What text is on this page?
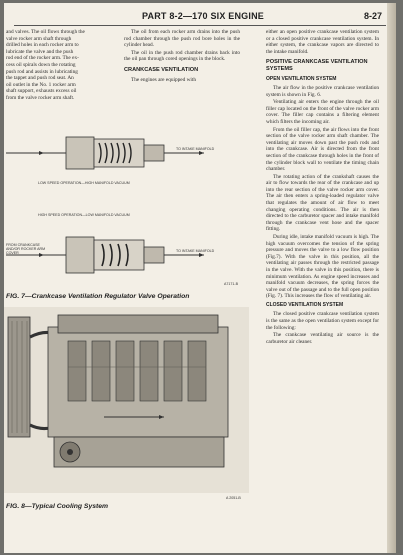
PART 8-2—170 SIX ENGINE	8-27
and valves. The oil flows through the
valve rocker arm shaft through
drilled holes in each rocker arm to
lubricate the valve and the push
rod end of the rocker arm. The ex-
cess oil spirals down the rotating
push rod and assists in lubricating
the tappet and push rod seat. An
oil outlet in the No. 1 rocker arm
shaft support, exhausts excess oil
from the valve rocker arm shaft.

The oil from each rocker arm drains into the push rod chamber through the push rod bore holes in the cylinder head.

The oil in the push rod chamber drains back into the oil pan through cored openings in the block.

CRANKCASE VENTILATION

The engines are equipped with

either an open positive crankcase ventilation system or a closed positive crankcase ventilation system. In either system, the crankcase vapors are directed to the intake manifold.

POSITIVE CRANKCASE VENTILATION SYSTEMS
OPEN VENTILATION SYSTEM

The air flow in the positive crankcase ventilation system is shown in Fig. 6.

Ventilating air enters the engine through the oil filler cap located on the front of the valve rocker arm cover. The filler cap contains a filtering element which filters the incoming air.

From the oil filler cap, the air flows into the front section of the valve rocker arm shaft chamber. The ventilating air moves down past the push rods and into the crankcase. Air is directed from the front section of the crankcase through holes in the front of the cylinder block wall to ventilate the timing chain chamber.

The rotating action of the crankshaft causes the air to flow towards the rear of the crankcase and up into the rear section of the valve rocker arm cover. The air then enters a spring-loaded regulator valve that regulates the amount of air flow to meet changing operating conditions. The air is then directed to the carburetor spacer and intake manifold through the crankcase vent hose and the spacer fitting.

During idle, intake manifold vacuum is high. The high vacuum overcomes the tension of the spring pressure and moves the valve to a low flow position (Fig.7). With the valve in this position, all the ventilating air passes through the restricted passage in the valve. With the valve in this position, there is minimum ventilation. As engine speed increases and manifold vacuum decreases, the spring forces the valve out of the passage and to the full open position (Fig. 7). This increases the flow of ventilating air.

CLOSED VENTILATION SYSTEM

The closed positive crankcase ventilation system is the same as the open ventilation system except for the following:

The crankcase ventilating air source is the carburetor air cleaner.

TO INTAKE MANIFOLD
LOW SPEED OPERATION—HIGH MANIFOLD VACUUM
HIGH SPEED OPERATION—LOW MANIFOLD VACUUM
FROM CRANKCASE AND/OR ROCKER ARM COVER
TO INTAKE MANIFOLD
A7171-B
FIG. 7—Crankcase Ventilation Regulator Valve Operation
A 2051-B
FIG. 8—Typical Cooling System
